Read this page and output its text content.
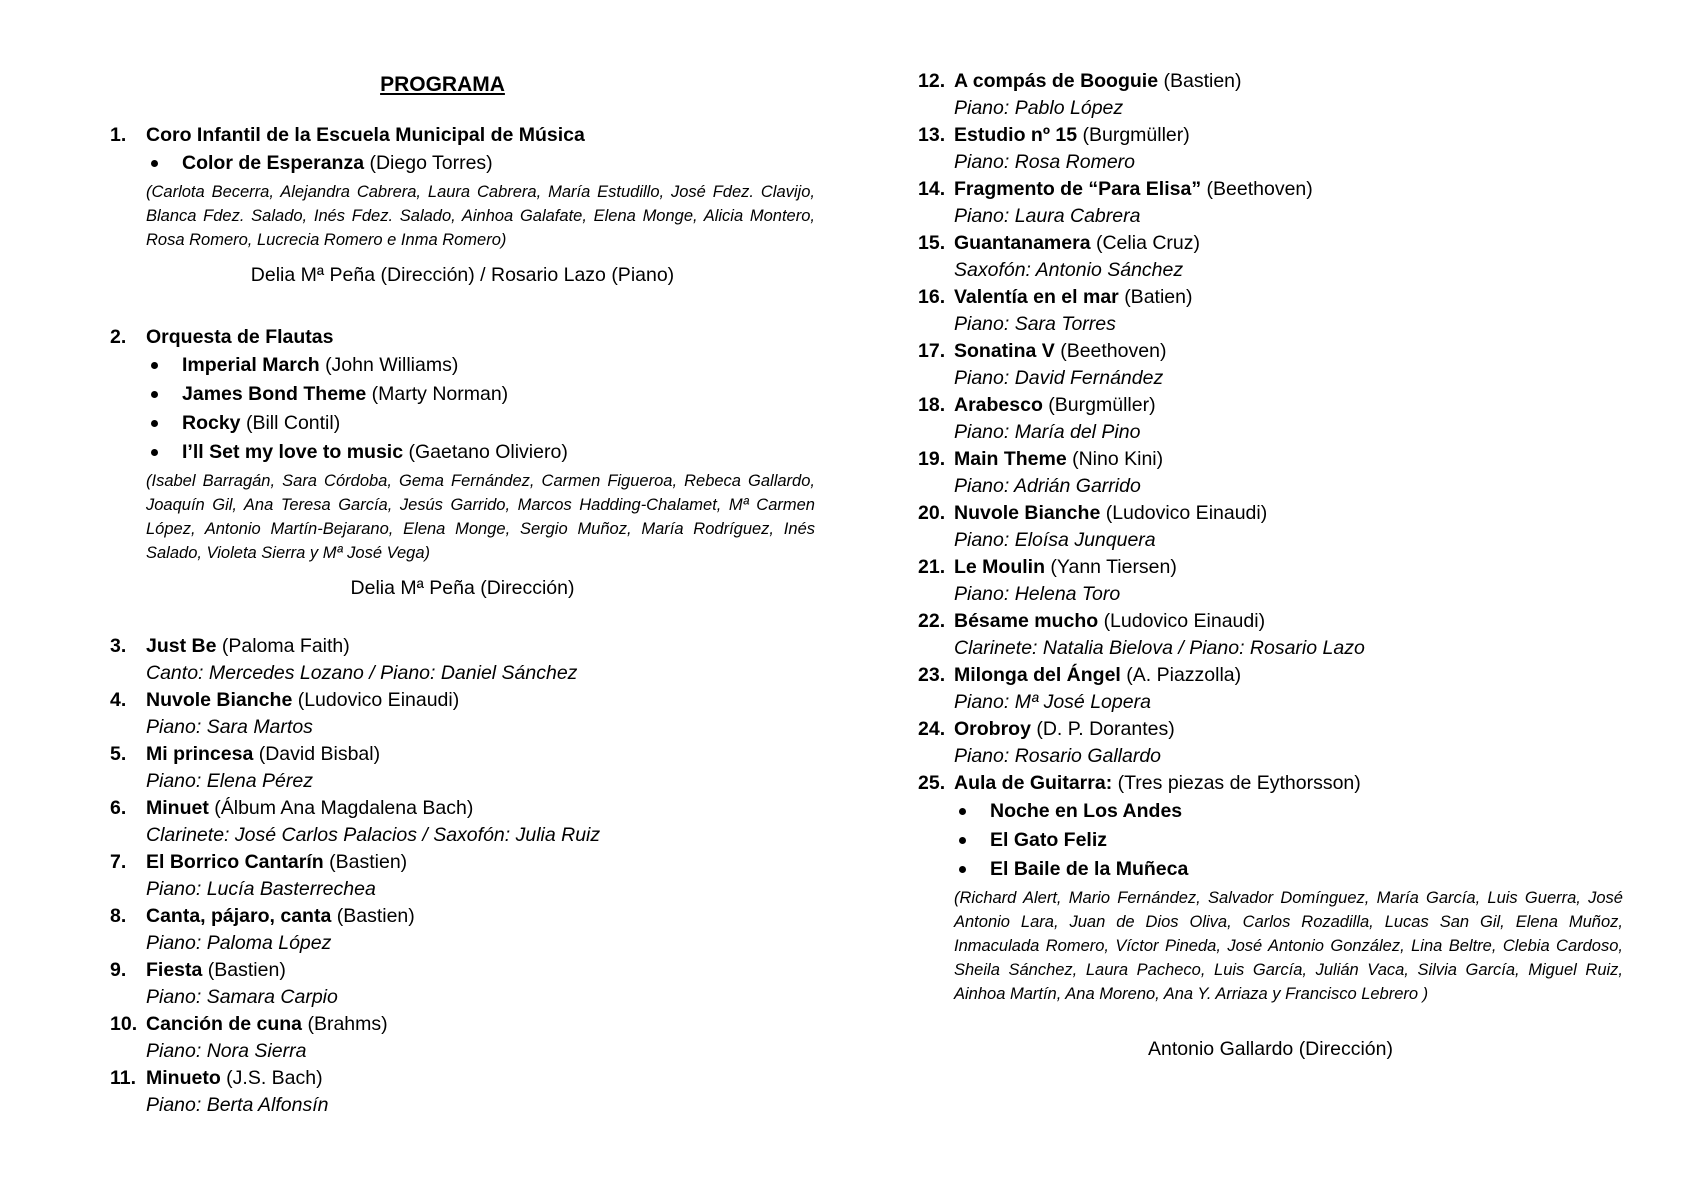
PROGRAMA
1. Coro Infantil de la Escuela Municipal de Música
Color de Esperanza (Diego Torres)
(Carlota Becerra, Alejandra Cabrera, Laura Cabrera, María Estudillo, José Fdez. Clavijo, Blanca Fdez. Salado, Inés Fdez. Salado, Ainhoa Galafate, Elena Monge, Alicia Montero, Rosa Romero, Lucrecia Romero e Inma Romero)
Delia Mª Peña (Dirección) / Rosario Lazo (Piano)
2. Orquesta de Flautas
Imperial March (John Williams)
James Bond Theme (Marty Norman)
Rocky (Bill Contil)
I’ll Set my love to music (Gaetano Oliviero)
(Isabel Barragán, Sara Córdoba, Gema Fernández, Carmen Figueroa, Rebeca Gallardo, Joaquín Gil, Ana Teresa García, Jesús Garrido, Marcos Hadding-Chalamet, Mª Carmen López, Antonio Martín-Bejarano, Elena Monge, Sergio Muñoz, María Rodríguez, Inés Salado, Violeta Sierra y Mª José Vega)
Delia Mª Peña (Dirección)
3. Just Be (Paloma Faith)
Canto: Mercedes Lozano / Piano: Daniel Sánchez
4. Nuvole Bianche (Ludovico Einaudi)
Piano: Sara Martos
5. Mi princesa (David Bisbal)
Piano: Elena Pérez
6. Minuet (Álbum Ana Magdalena Bach)
Clarinete: José Carlos Palacios / Saxofón: Julia Ruiz
7. El Borrico Cantarín (Bastien)
Piano: Lucía Basterrechea
8. Canta, pájaro, canta (Bastien)
Piano: Paloma López
9. Fiesta (Bastien)
Piano: Samara Carpio
10. Canción de cuna (Brahms)
Piano: Nora Sierra
11. Minueto (J.S. Bach)
Piano: Berta Alfonsín
12. A compás de Booguie (Bastien)
Piano: Pablo López
13. Estudio nº 15 (Burgmüller)
Piano: Rosa Romero
14. Fragmento de “Para Elisa” (Beethoven)
Piano: Laura Cabrera
15. Guantanamera (Celia Cruz)
Saxofón: Antonio Sánchez
16. Valentía en el mar (Batien)
Piano: Sara Torres
17. Sonatina V (Beethoven)
Piano: David Fernández
18. Arabesco (Burgmüller)
Piano: María del Pino
19. Main Theme (Nino Kini)
Piano: Adrián Garrido
20. Nuvole Bianche (Ludovico Einaudi)
Piano: Eloísa Junquera
21. Le Moulin (Yann Tiersen)
Piano: Helena Toro
22. Bésame mucho (Ludovico Einaudi)
Clarinete: Natalia Bielova / Piano: Rosario Lazo
23. Milonga del Ángel (A. Piazzolla)
Piano: Mª José Lopera
24. Orobroy (D. P. Dorantes)
Piano: Rosario Gallardo
25. Aula de Guitarra: (Tres piezas de Eythorsson)
Noche en Los Andes
El Gato Feliz
El Baile de la Muñeca
(Richard Alert, Mario Fernández, Salvador Domínguez, María García, Luis Guerra, José Antonio Lara, Juan de Dios Oliva, Carlos Rozadilla, Lucas San Gil, Elena Muñoz, Inmaculada Romero, Víctor Pineda, José Antonio González, Lina Beltre, Clebia Cardoso, Sheila Sánchez, Laura Pacheco, Luis García, Julián Vaca, Silvia García, Miguel Ruiz, Ainhoa Martín, Ana Moreno, Ana Y. Arriaza y Francisco Lebrero )
Antonio Gallardo (Dirección)
